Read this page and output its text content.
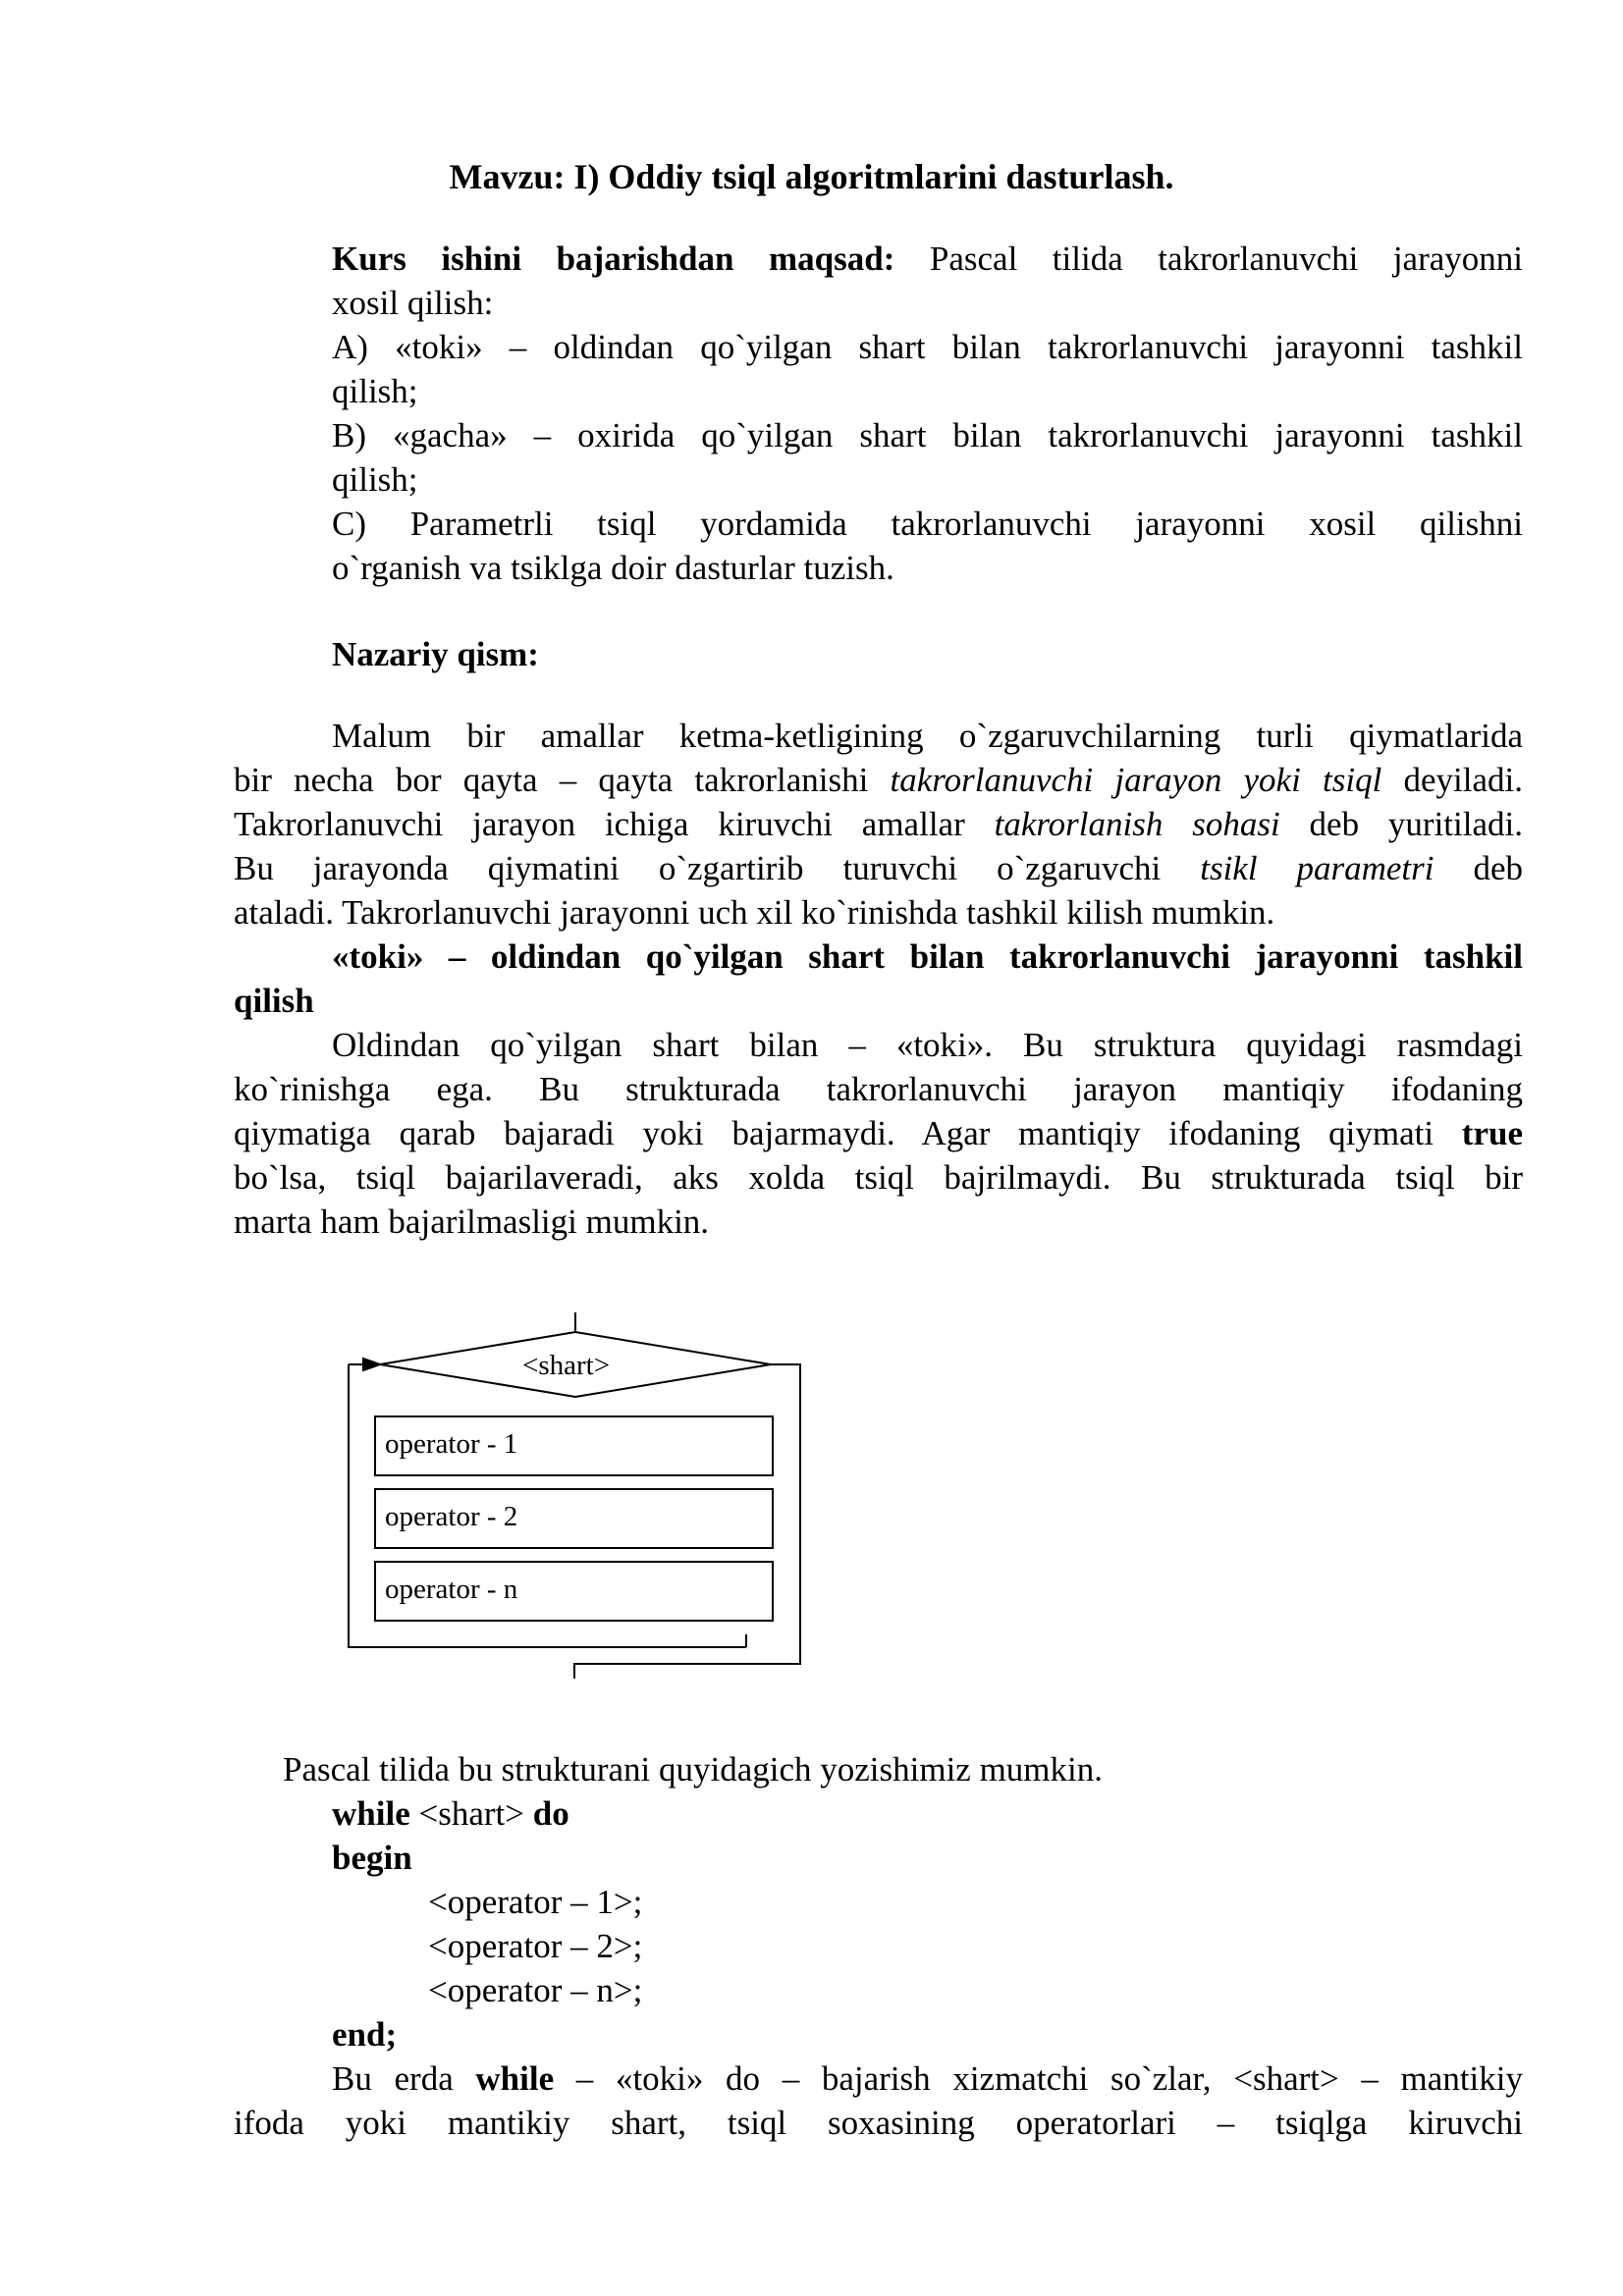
Mavzu: I) Oddiy tsiql algoritmlarini dasturlash.
Kurs ishini bajarishdan maqsad: Pascal tilida takrorlanuvchi jarayonni
xosil qilish:
A) «toki» – oldindan qo`yilgan shart bilan takrorlanuvchi jarayonni tashkil
qilish;
B) «gacha» – oxirida qo`yilgan shart bilan takrorlanuvchi jarayonni tashkil
qilish;
C) Parametrli tsiql yordamida takrorlanuvchi jarayonni xosil qilishni
o`rganish va tsiklga doir dasturlar tuzish.
Nazariy qism:
Malum bir amallar ketma-ketligining o`zgaruvchilarning turli qiymatlarida
bir necha bor qayta – qayta takrorlanishi takrorlanuvchi jarayon yoki tsiql deyiladi.
Takrorlanuvchi jarayon ichiga kiruvchi amallar takrorlanish sohasi deb yuritiladi.
Bu jarayonda qiymatini o`zgartirib turuvchi o`zgaruvchi tsikl parametri deb
ataladi. Takrorlanuvchi jarayonni uch xil ko`rinishda tashkil kilish mumkin.
«toki» – oldindan qo`yilgan shart bilan takrorlanuvchi jarayonni tashkil
qilish
Oldindan qo`yilgan shart bilan – «toki». Bu struktura quyidagi rasmdagi
ko`rinishga ega. Bu strukturada takrorlanuvchi jarayon mantiqiy ifodaning
qiymatiga qarab bajaradi yoki bajarmaydi. Agar mantiqiy ifodaning qiymati true
bo`lsa, tsiql bajarilaveradi, aks xolda tsiql bajrilmaydi. Bu strukturada tsiql bir
marta ham bajarilmasligi mumkin.
<shart>
operator - 1
operator - 2
operator - n
Pascal tilida bu strukturani quyidagich yozishimiz mumkin.
while <shart> do
begin
<operator – 1>;
<operator – 2>;
<operator – n>;
end;
Bu erda while – «toki» do – bajarish xizmatchi so`zlar, <shart> – mantikiy
ifoda yoki mantikiy shart, tsiql soxasining operatorlari – tsiqlga kiruvchi
